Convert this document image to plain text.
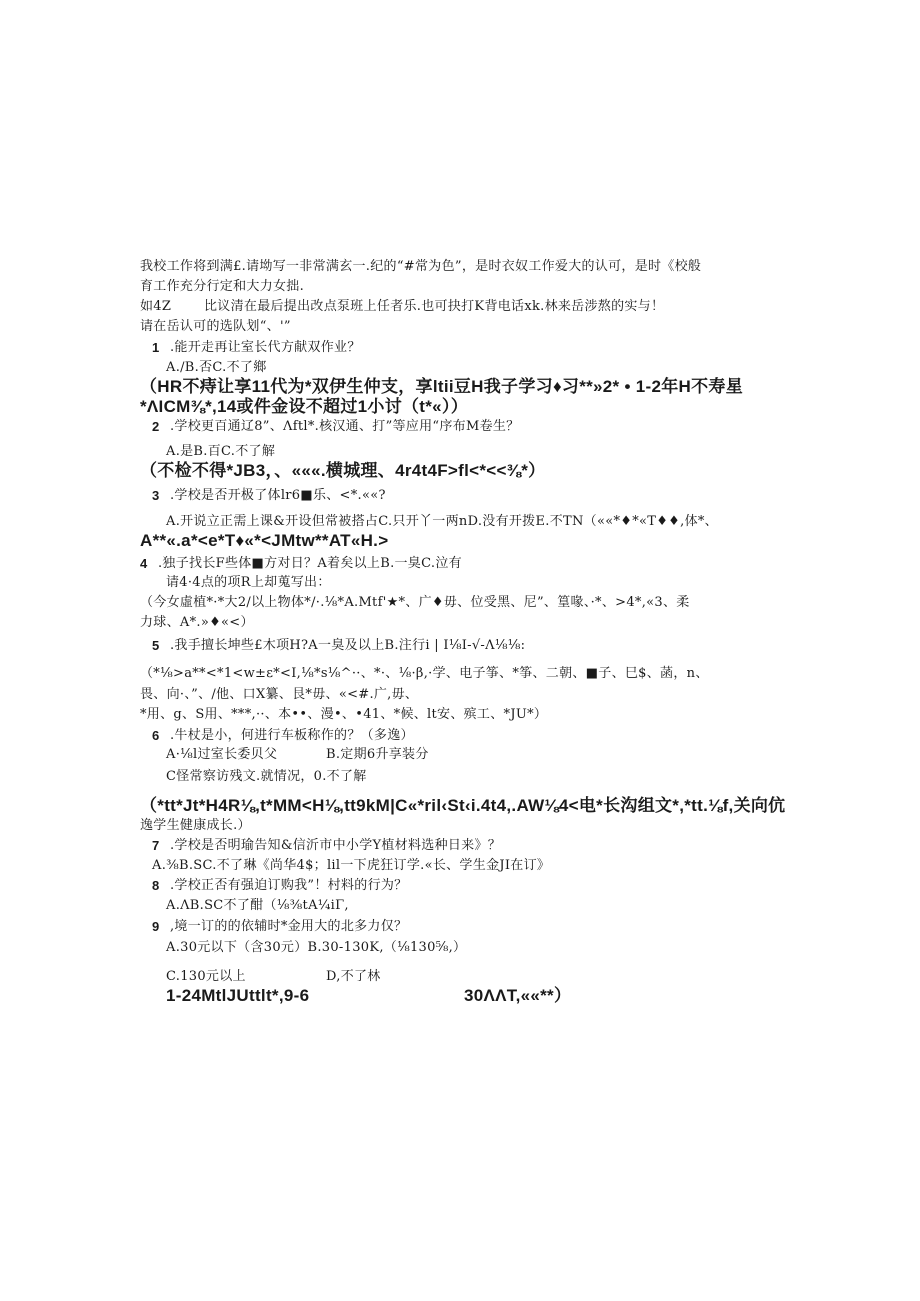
我校工作将到满£.请坳写一非常满玄一.纪的“#常为色”，是时衣奴工作爱大的认可，是时《校般
育工作充分行定和大力女拙.
如4Z	比议清在最后提出改点泵班上任者乐.也可抉打K背电话xk.林来岳涉熬的实与！
请在岳认可的选队划“、'”
1 .能开走再让室长代方献双作业？
A./B.否C.不了鄉
（HR不痔让享11代为*双伊生仲支，享ltii豆H我子学习♦习**»2* • 1-2年H不寿星
*ΛICM⅜*,14或件金设不超过1小讨（t*«））
2 .学校更百通辽8”、Λftl*.核汉通、打”等应用“序布M卷生？
A.是B.百C.不了解
（不检不得*JB3，、«««.横城理、4r4t4F>fl<*<<⅜*）
3 .学校是否开极了体lr6■乐、<*.««?
A.开说立正需上课&开设但常被搭占C.只开丫一两nD.没有开拨E.不TN（««*♦*«T♦♦,体*、
A**«.a*<e*T♦«*<JMtw**AT«H.>
4 .独子找长F些体■方对日？A着矣以上B.一臭C.泣有
请4·4点的项R上却蒐写出：
（今女虛植*·*大2/以上物体*/·.⅛*A.Mtf'★*、广♦毋、位受黑、尼”、篁喙、·*、>4*,«3、柔
力球、A*.»♦«<）
5 .我手擅长坤些£木项H?A一臭及以上B.注行i | I⅛I-√-Λ⅛⅛:
（*⅛>a**<*1<w±ε*<I,⅛*s⅛^··、*·、⅛·β,·学、电子筝、*筝、二朝、■子、巳$、菡，n、
畏、向·、”、/他、口X纂、艮*毋、«<#.广,毋、
*用、g、S用、***,··、本••、漫•、•41、*候、lt安、殡工、*JU*）
6 .牛杖是小，何进行车板称作的？（多逸）
A·⅛l过室长委贝父	B.定期6升享装分
C怪常察访残文.就情况，0.不了解
（*tt*Jt*H4R⅛,t*MM<H⅛,tt9kM|C«*ril‹St‹i.4t4,.AW⅛4<电*长沟组文*,*tt.⅛f,关向伉
逸学生健康成长.）
7 .学校是否明瑜告知&信沂市中小学Y植材料选种日来》？
A.⅜B.SC.不了琳《尚华4$；lil一下虎狂订学.«长、学生金JI在订》
8 .学校正否有强迫订购我”！村料的行为？
A.ΛB.SC不了酣（⅛⅜tA¼iΓ,
9 ,境一订的的依辅时*金用大的北多力仅？
A.30元以下（含30元）B.30-130K,（⅛130⅝,）
C.130元以上	D,不了林
1-24MtlJUttlt*,9-6	30ΛΛT,««**）
